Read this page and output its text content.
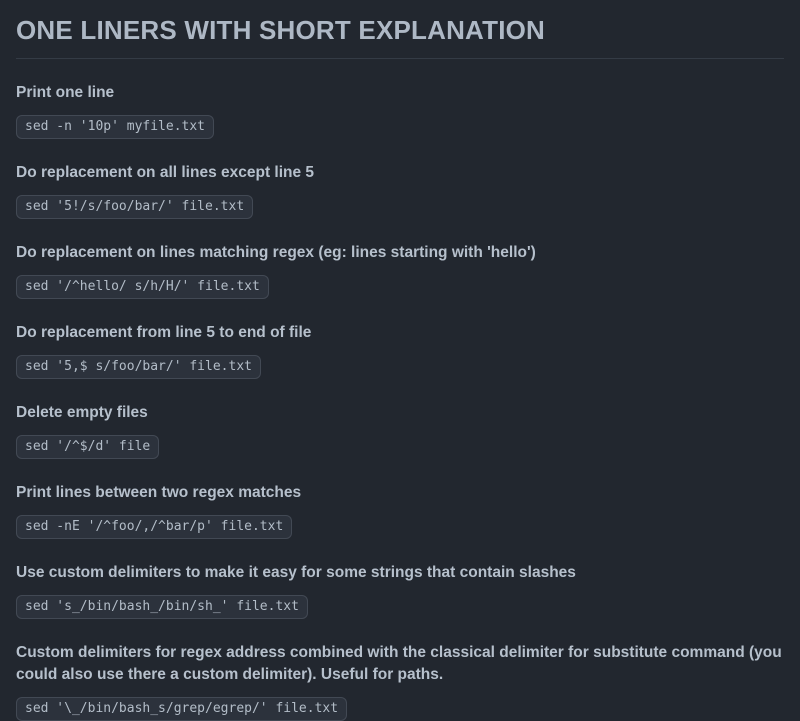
ONE LINERS WITH SHORT EXPLANATION
Print one line

sed -n '10p' myfile.txt

Do replacement on all lines except line 5

sed '5!/s/foo/bar/' file.txt

Do replacement on lines matching regex (eg: lines starting with 'hello')

sed '/^hello/ s/h/H/' file.txt

Do replacement from line 5 to end of file

sed '5,$ s/foo/bar/' file.txt

Delete empty files

sed '/^$/d' file

Print lines between two regex matches

sed -nE '/^foo/,/^bar/p' file.txt

Use custom delimiters to make it easy for some strings that contain slashes

sed 's_/bin/bash_/bin/sh_' file.txt

Custom delimiters for regex address combined with the classical delimiter for substitute command (you could also use there a custom delimiter). Useful for paths.

sed '\_/bin/bash_s/grep/egrep/' file.txt
